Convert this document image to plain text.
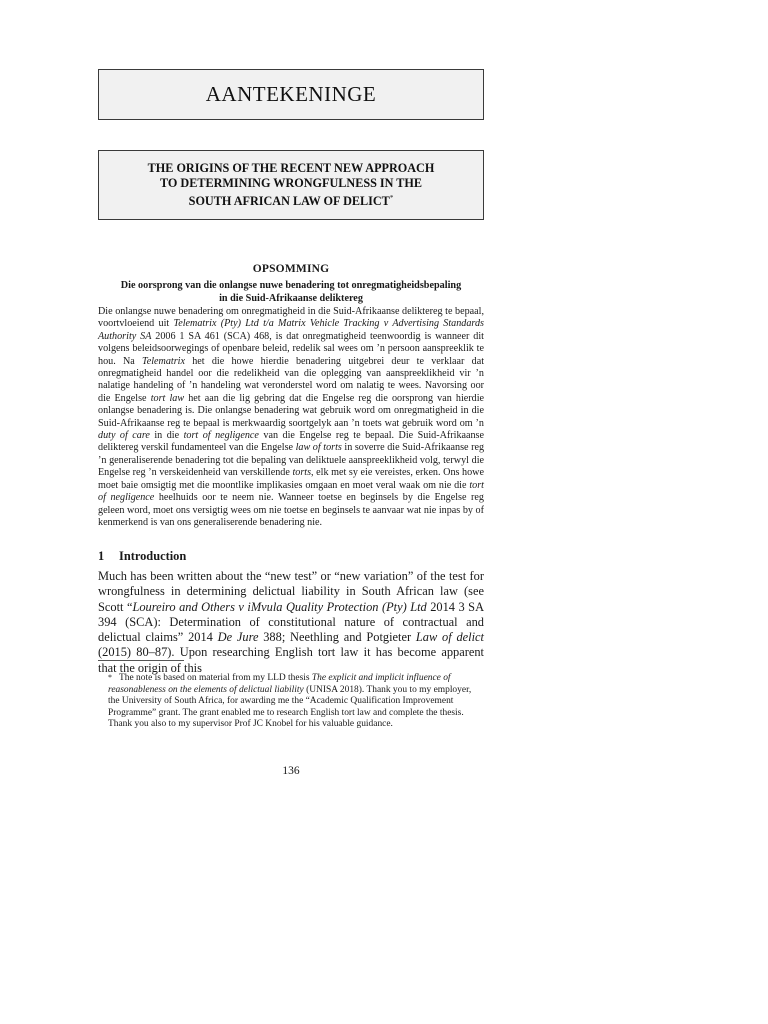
AANTEKENINGE
THE ORIGINS OF THE RECENT NEW APPROACH
TO DETERMINING WRONGFULNESS IN THE
SOUTH AFRICAN LAW OF DELICT*
OPSOMMING
Die oorsprong van die onlangse nuwe benadering tot onregmatigheidsbepaling
in die Suid-Afrikaanse deliktereg
Die onlangse nuwe benadering om onregmatigheid in die Suid-Afrikaanse deliktereg te bepaal, voortvloeiend uit Telematrix (Pty) Ltd t/a Matrix Vehicle Tracking v Advertising Standards Authority SA 2006 1 SA 461 (SCA) 468, is dat onregmatigheid teenwoordig is wanneer dit volgens beleidsoorwegings of openbare beleid, redelik sal wees om ’n persoon aanspreeklik te hou. Na Telematrix het die howe hierdie benadering uitgebrei deur te verklaar dat onregmatigheid handel oor die redelikheid van die oplegging van aanspreeklikheid vir ’n nalatige handeling of ’n handeling wat veronderstel word om nalatig te wees. Navorsing oor die Engelse tort law het aan die lig gebring dat die Engelse reg die oorsprong van hierdie onlangse benadering is. Die onlangse benadering wat gebruik word om onregmatigheid in die Suid-Afrikaanse reg te bepaal is merkwaardig soortgelyk aan ’n toets wat gebruik word om ’n duty of care in die tort of negligence van die Engelse reg te bepaal. Die Suid-Afrikaanse deliktereg verskil fundamenteel van die Engelse law of torts in soverre die Suid-Afrikaanse reg ’n generaliserende benadering tot die bepaling van deliktuele aanspreeklikheid volg, terwyl die Engelse reg ’n verskeidenheid van verskillende torts, elk met sy eie vereistes, erken. Ons howe moet baie omsigtig met die moontlike implikasies omgaan en moet veral waak om nie die tort of negligence heelhuids oor te neem nie. Wanneer toetse en beginsels by die Engelse reg geleen word, moet ons versigtig wees om nie toetse en beginsels te aanvaar wat nie inpas by of kenmerkend is van ons generaliserende benadering nie.
1 Introduction
Much has been written about the “new test” or “new variation” of the test for wrongfulness in determining delictual liability in South African law (see Scott “Loureiro and Others v iMvula Quality Protection (Pty) Ltd 2014 3 SA 394 (SCA): Determination of constitutional nature of contractual and delictual claims” 2014 De Jure 388; Neethling and Potgieter Law of delict (2015) 80–87). Upon researching English tort law it has become apparent that the origin of this
* The note is based on material from my LLD thesis The explicit and implicit influence of reasonableness on the elements of delictual liability (UNISA 2018). Thank you to my employer, the University of South Africa, for awarding me the “Academic Qualification Improvement Programme” grant. The grant enabled me to research English tort law and complete the thesis. Thank you also to my supervisor Prof JC Knobel for his valuable guidance.
136
